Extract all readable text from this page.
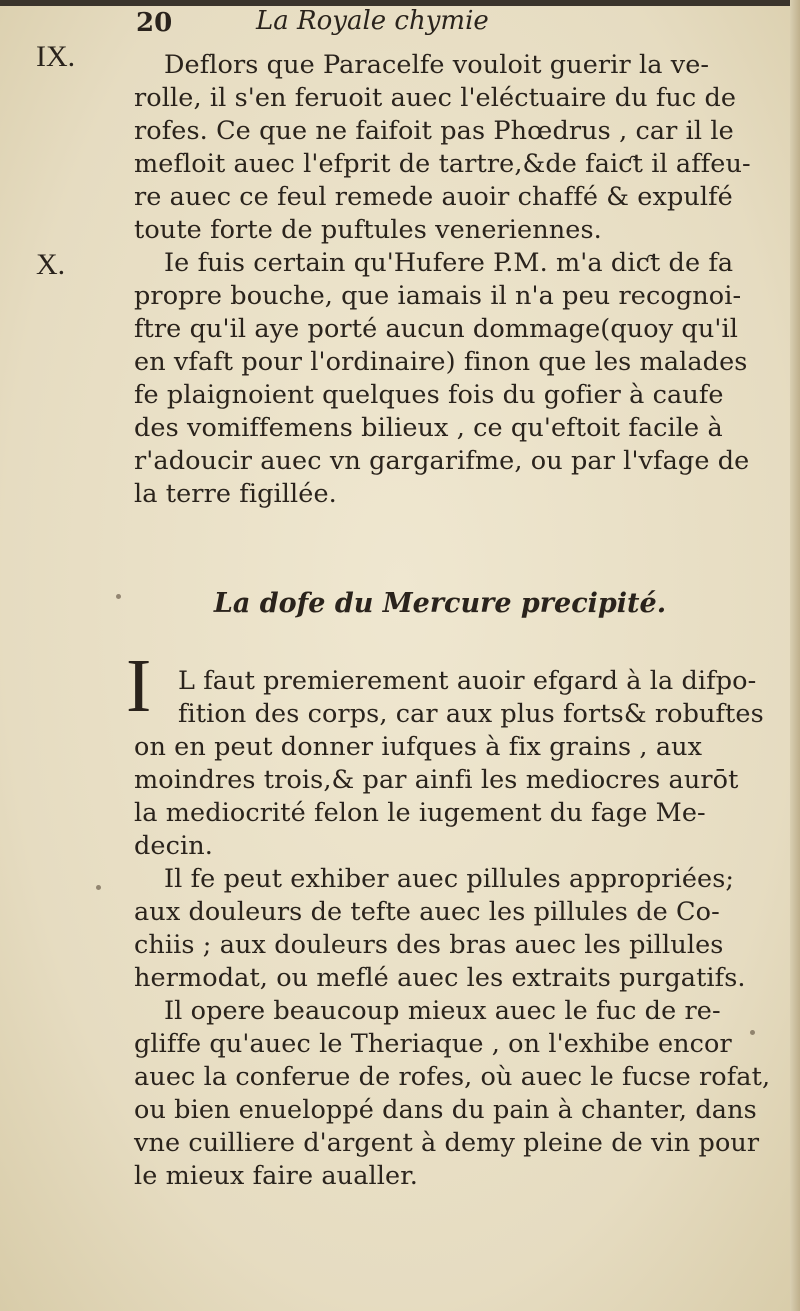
20	La Royale chymie
IX.
X.
Deflors que Paracelfe vouloit guerir la ve-
rolle, il s'en feruoit auec l'eléctuaire du fuc de
rofes. Ce que ne faifoit pas Phœdrus , car il le
mefloit auec l'efprit de tartre,&de faiƈt il affeu-
re auec ce feul remede auoir chaffé & expulfé
toute forte de puftules veneriennes.
Ie fuis certain qu'Hufere P.M. m'a diƈt de fa
propre bouche, que iamais il n'a peu recognoi-
ftre qu'il aye porté aucun dommage(quoy qu'il
en vfaft pour l'ordinaire) finon que les malades
fe plaignoient quelques fois du gofier à caufe
des vomiffemens bilieux , ce qu'eftoit facile à
r'adoucir auec vn gargarifme, ou par l'vfage de
la terre figillée.
La dofe du Mercure precipité.
I	L faut premierement auoir efgard à la difpo-
fition des corps, car aux plus forts& robuftes
on en peut donner iufques à fix grains , aux
moindres trois,& par ainfi les mediocres aurōt
la mediocrité felon le iugement du fage Me-
decin.
Il fe peut exhiber auec pillules appropriées;
aux douleurs de tefte auec les pillules de Co-
chiis ; aux douleurs des bras auec les pillules
hermodat, ou meflé auec les extraits purgatifs.
Il opere beaucoup mieux auec le fuc de re-
gliffe qu'auec le Theriaque , on l'exhibe encor
auec la conferue de rofes, où auec le fucse rofat,
ou bien enueloppé dans du pain à chanter, dans
vne cuilliere d'argent à demy pleine de vin pour
le mieux faire aualler.
